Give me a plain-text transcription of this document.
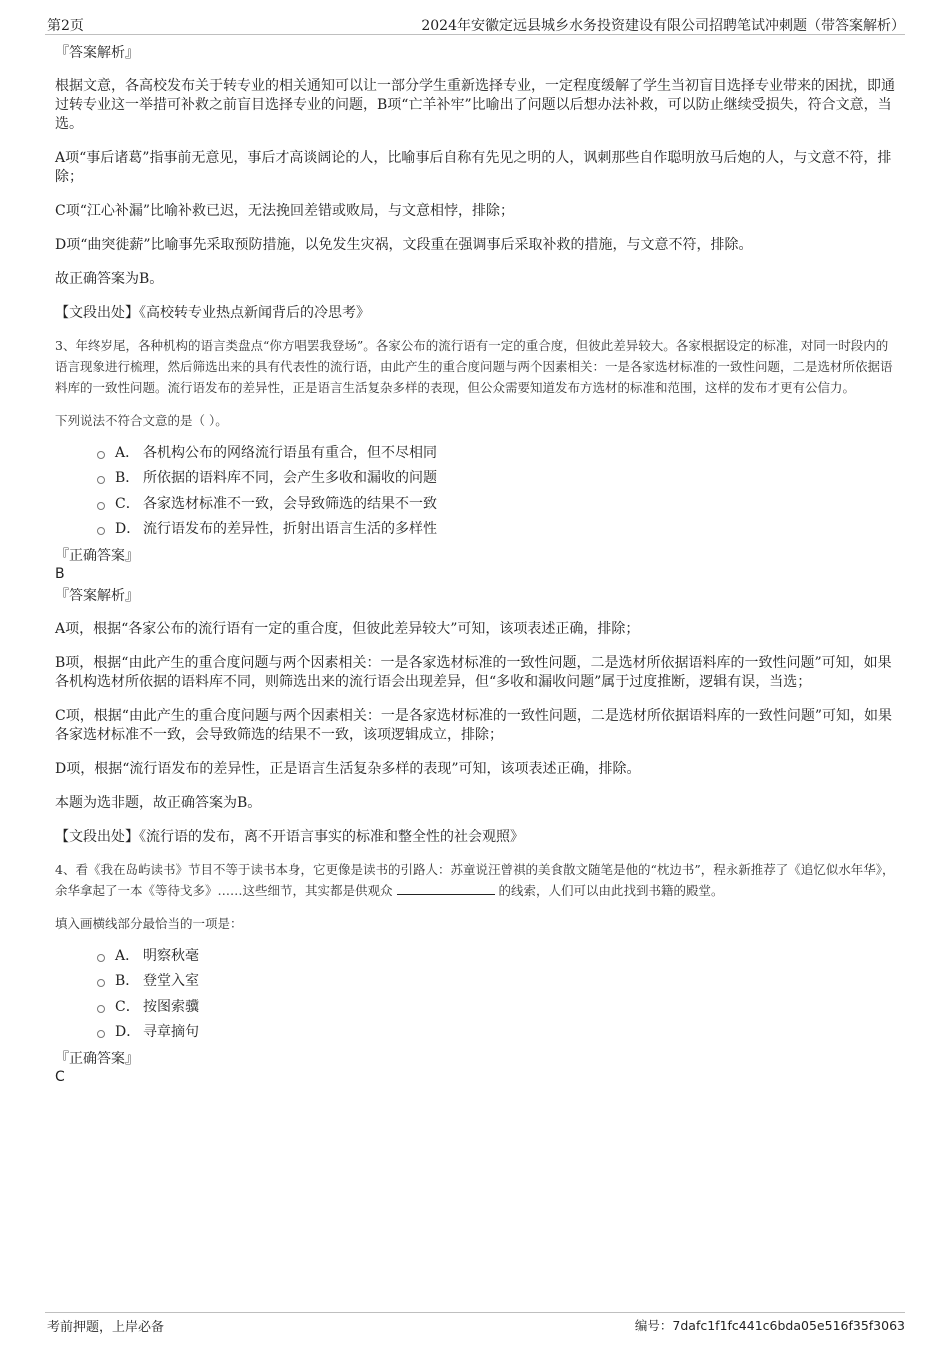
第2页	2024年安徽定远县城乡水务投资建设有限公司招聘笔试冲刺题（带答案解析）
『答案解析』

根据文意，各高校发布关于转专业的相关通知可以让一部分学生重新选择专业，一定程度缓解了学生当初盲目选择专业带来的困扰，即通过转专业这一举措可补救之前盲目选择专业的问题，B项“亡羊补牢”比喻出了问题以后想办法补救，可以防止继续受损失，符合文意，当选。

A项“事后诸葛”指事前无意见，事后才高谈阔论的人，比喻事后自称有先见之明的人，讽刺那些自作聪明放马后炮的人，与文意不符，排除；

C项“江心补漏”比喻补救已迟，无法挽回差错或败局，与文意相悖，排除；

D项“曲突徙薪”比喻事先采取预防措施，以免发生灾祸，文段重在强调事后采取补救的措施，与文意不符，排除。

故正确答案为B。

【文段出处】《高校转专业热点新闻背后的冷思考》

3、年终岁尾，各种机构的语言类盘点“你方唱罢我登场”。各家公布的流行语有一定的重合度，但彼此差异较大。各家根据设定的标准，对同一时段内的语言现象进行梳理，然后筛选出来的具有代表性的流行语，由此产生的重合度问题与两个因素相关：一是各家选材标准的一致性问题，二是选材所依据语料库的一致性问题。流行语发布的差异性，正是语言生活复杂多样的表现，但公众需要知道发布方选材的标准和范围，这样的发布才更有公信力。

下列说法不符合文意的是（ ）。

A． 各机构公布的网络流行语虽有重合，但不尽相同
B． 所依据的语料库不同，会产生多收和漏收的问题
C． 各家选材标准不一致，会导致筛选的结果不一致
D． 流行语发布的差异性，折射出语言生活的多样性
『正确答案』

B

『答案解析』

A项，根据“各家公布的流行语有一定的重合度，但彼此差异较大”可知，该项表述正确，排除；

B项，根据“由此产生的重合度问题与两个因素相关：一是各家选材标准的一致性问题，二是选材所依据语料库的一致性问题”可知，如果各机构选材所依据的语料库不同，则筛选出来的流行语会出现差异，但“多收和漏收问题”属于过度推断，逻辑有误，当选；

C项，根据“由此产生的重合度问题与两个因素相关：一是各家选材标准的一致性问题，二是选材所依据语料库的一致性问题”可知，如果各家选材标准不一致，会导致筛选的结果不一致，该项逻辑成立，排除；

D项，根据“流行语发布的差异性，正是语言生活复杂多样的表现”可知，该项表述正确，排除。

本题为选非题，故正确答案为B。

【文段出处】《流行语的发布，离不开语言事实的标准和整全性的社会观照》

4、看《我在岛屿读书》节目不等于读书本身，它更像是读书的引路人：苏童说汪曾祺的美食散文随笔是他的“枕边书”，程永新推荐了《追忆似水年华》，余华拿起了一本《等待戈多》……这些细节，其实都是供观众	的线索，人们可以由此找到书籍的殿堂。

填入画横线部分最恰当的一项是：

A． 明察秋毫
B． 登堂入室
C． 按图索骥
D． 寻章摘句
『正确答案』

C

考前押题，上岸必备	编号：7dafc1f1fc441c6bda05e516f35f3063
